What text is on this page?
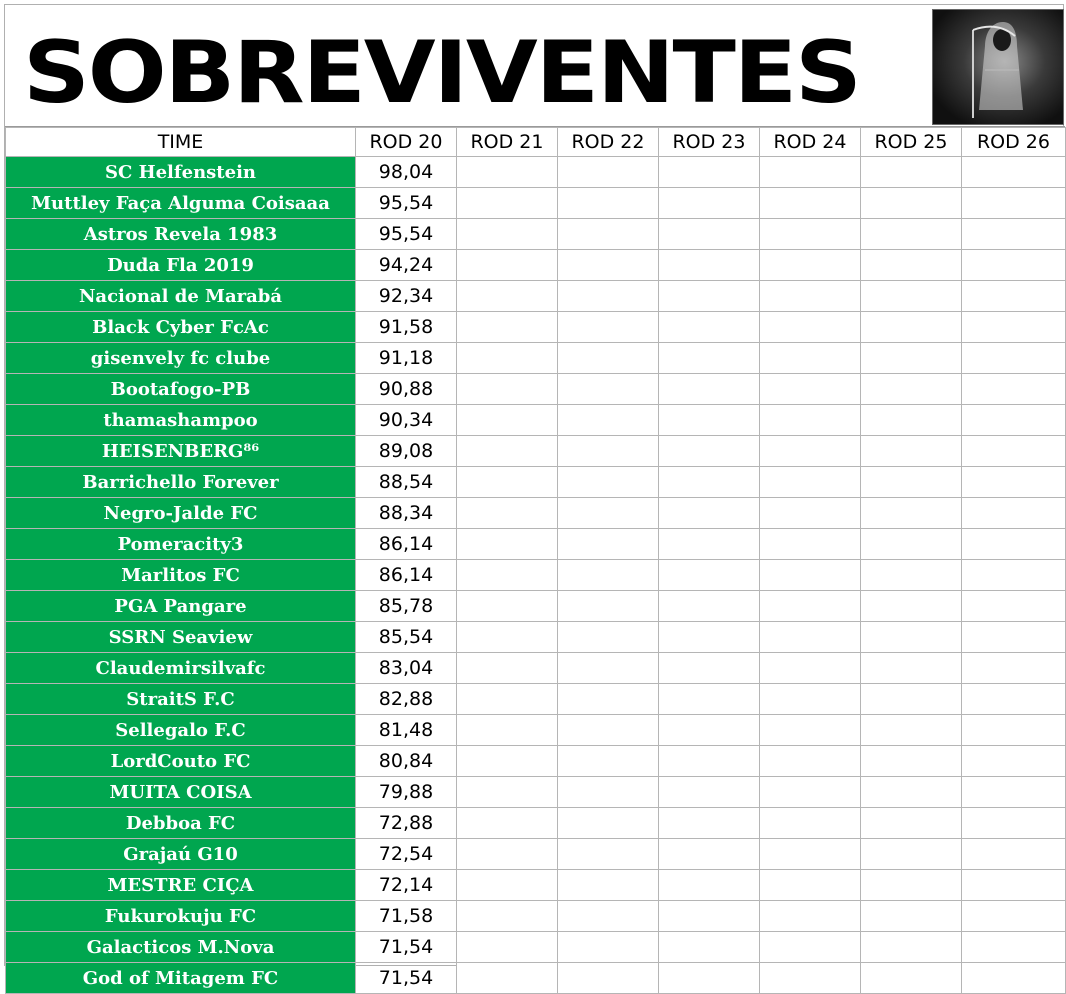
SOBREVIVENTES
TIME	ROD 20	ROD 21	ROD 22	ROD 23	ROD 24	ROD 25	ROD 26
SC Helfenstein	98,04						
Muttley Faça Alguma Coisaaa	95,54						
Astros Revela 1983	95,54						
Duda Fla 2019	94,24						
Nacional de Marabá	92,34						
Black Cyber FcAc	91,58						
gisenvely fc clube	91,18						
Bootafogo-PB	90,88						
thamashampoo	90,34						
HEISENBERG⁸⁶	89,08						
Barrichello Forever	88,54						
Negro-Jalde FC	88,34						
Pomeracity3	86,14						
Marlitos FC	86,14						
PGA Pangare	85,78						
SSRN Seaview	85,54						
Claudemirsilvafc	83,04						
StraitS F.C	82,88						
Sellegalo F.C	81,48						
LordCouto FC	80,84						
MUITA COISA	79,88						
Debboa FC	72,88						
Grajaú G10	72,54						
MESTRE CIÇA	72,14						
Fukurokuju FC	71,58						
Galacticos M.Nova	71,54						
God of Mitagem FC	71,54						
